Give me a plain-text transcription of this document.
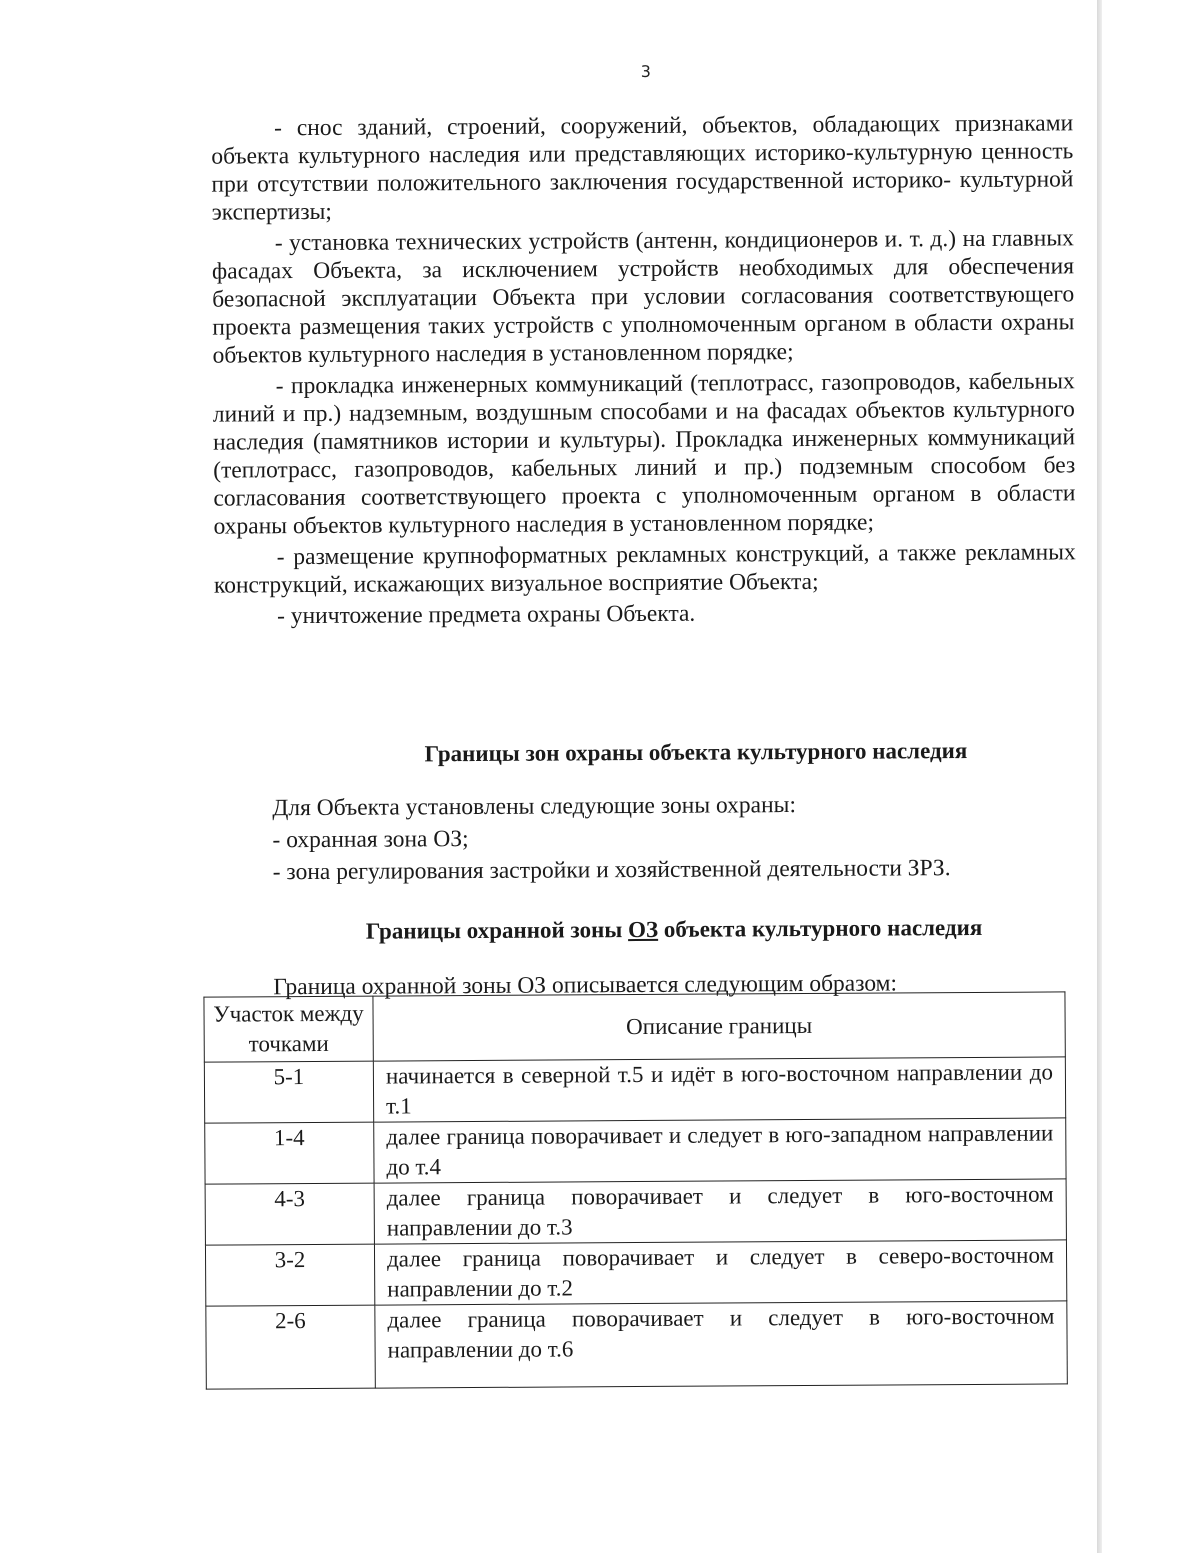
3

- снос зданий, строений, сооружений, объектов, обладающих признаками объекта культурного наследия или представляющих историко-культурную ценность при отсутствии положительного заключения государственной историко- культурной экспертизы;

- установка технических устройств (антенн, кондиционеров и. т. д.) на главных фасадах Объекта, за исключением устройств необходимых для обеспечения безопасной эксплуатации Объекта при условии согласования соответствующего проекта размещения таких устройств с уполномоченным органом в области охраны объектов культурного наследия в установленном порядке;

- прокладка инженерных коммуникаций (теплотрасс, газопроводов, кабельных линий и пр.) надземным, воздушным способами и на фасадах объектов культурного наследия (памятников истории и культуры). Прокладка инженерных коммуникаций (теплотрасс, газопроводов, кабельных линий и пр.) подземным способом без согласования соответствующего проекта с уполномоченным органом в области охраны объектов культурного наследия в установленном порядке;

- размещение крупноформатных рекламных конструкций, а также рекламных конструкций, искажающих визуальное восприятие Объекта;

- уничтожение предмета охраны Объекта.

Границы зон охраны объекта культурного наследия
Для Объекта установлены следующие зоны охраны:
- охранная зона ОЗ;
- зона регулирования застройки и хозяйственной деятельности ЗРЗ.
Границы охранной зоны ОЗ объекта культурного наследия
Граница охранной зоны ОЗ описывается следующим образом:
Участок между точками	Описание границы
5-1	начинается в северной т.5 и идёт в юго-восточном направлении до т.1
1-4	далее граница поворачивает и следует в юго-западном направлении до т.4
4-3	далее граница поворачивает и следует в юго-восточном направлении до т.3
3-2	далее граница поворачивает и следует в северо-восточном направлении до т.2
2-6	далее граница поворачивает и следует в юго-восточном направлении до т.6
